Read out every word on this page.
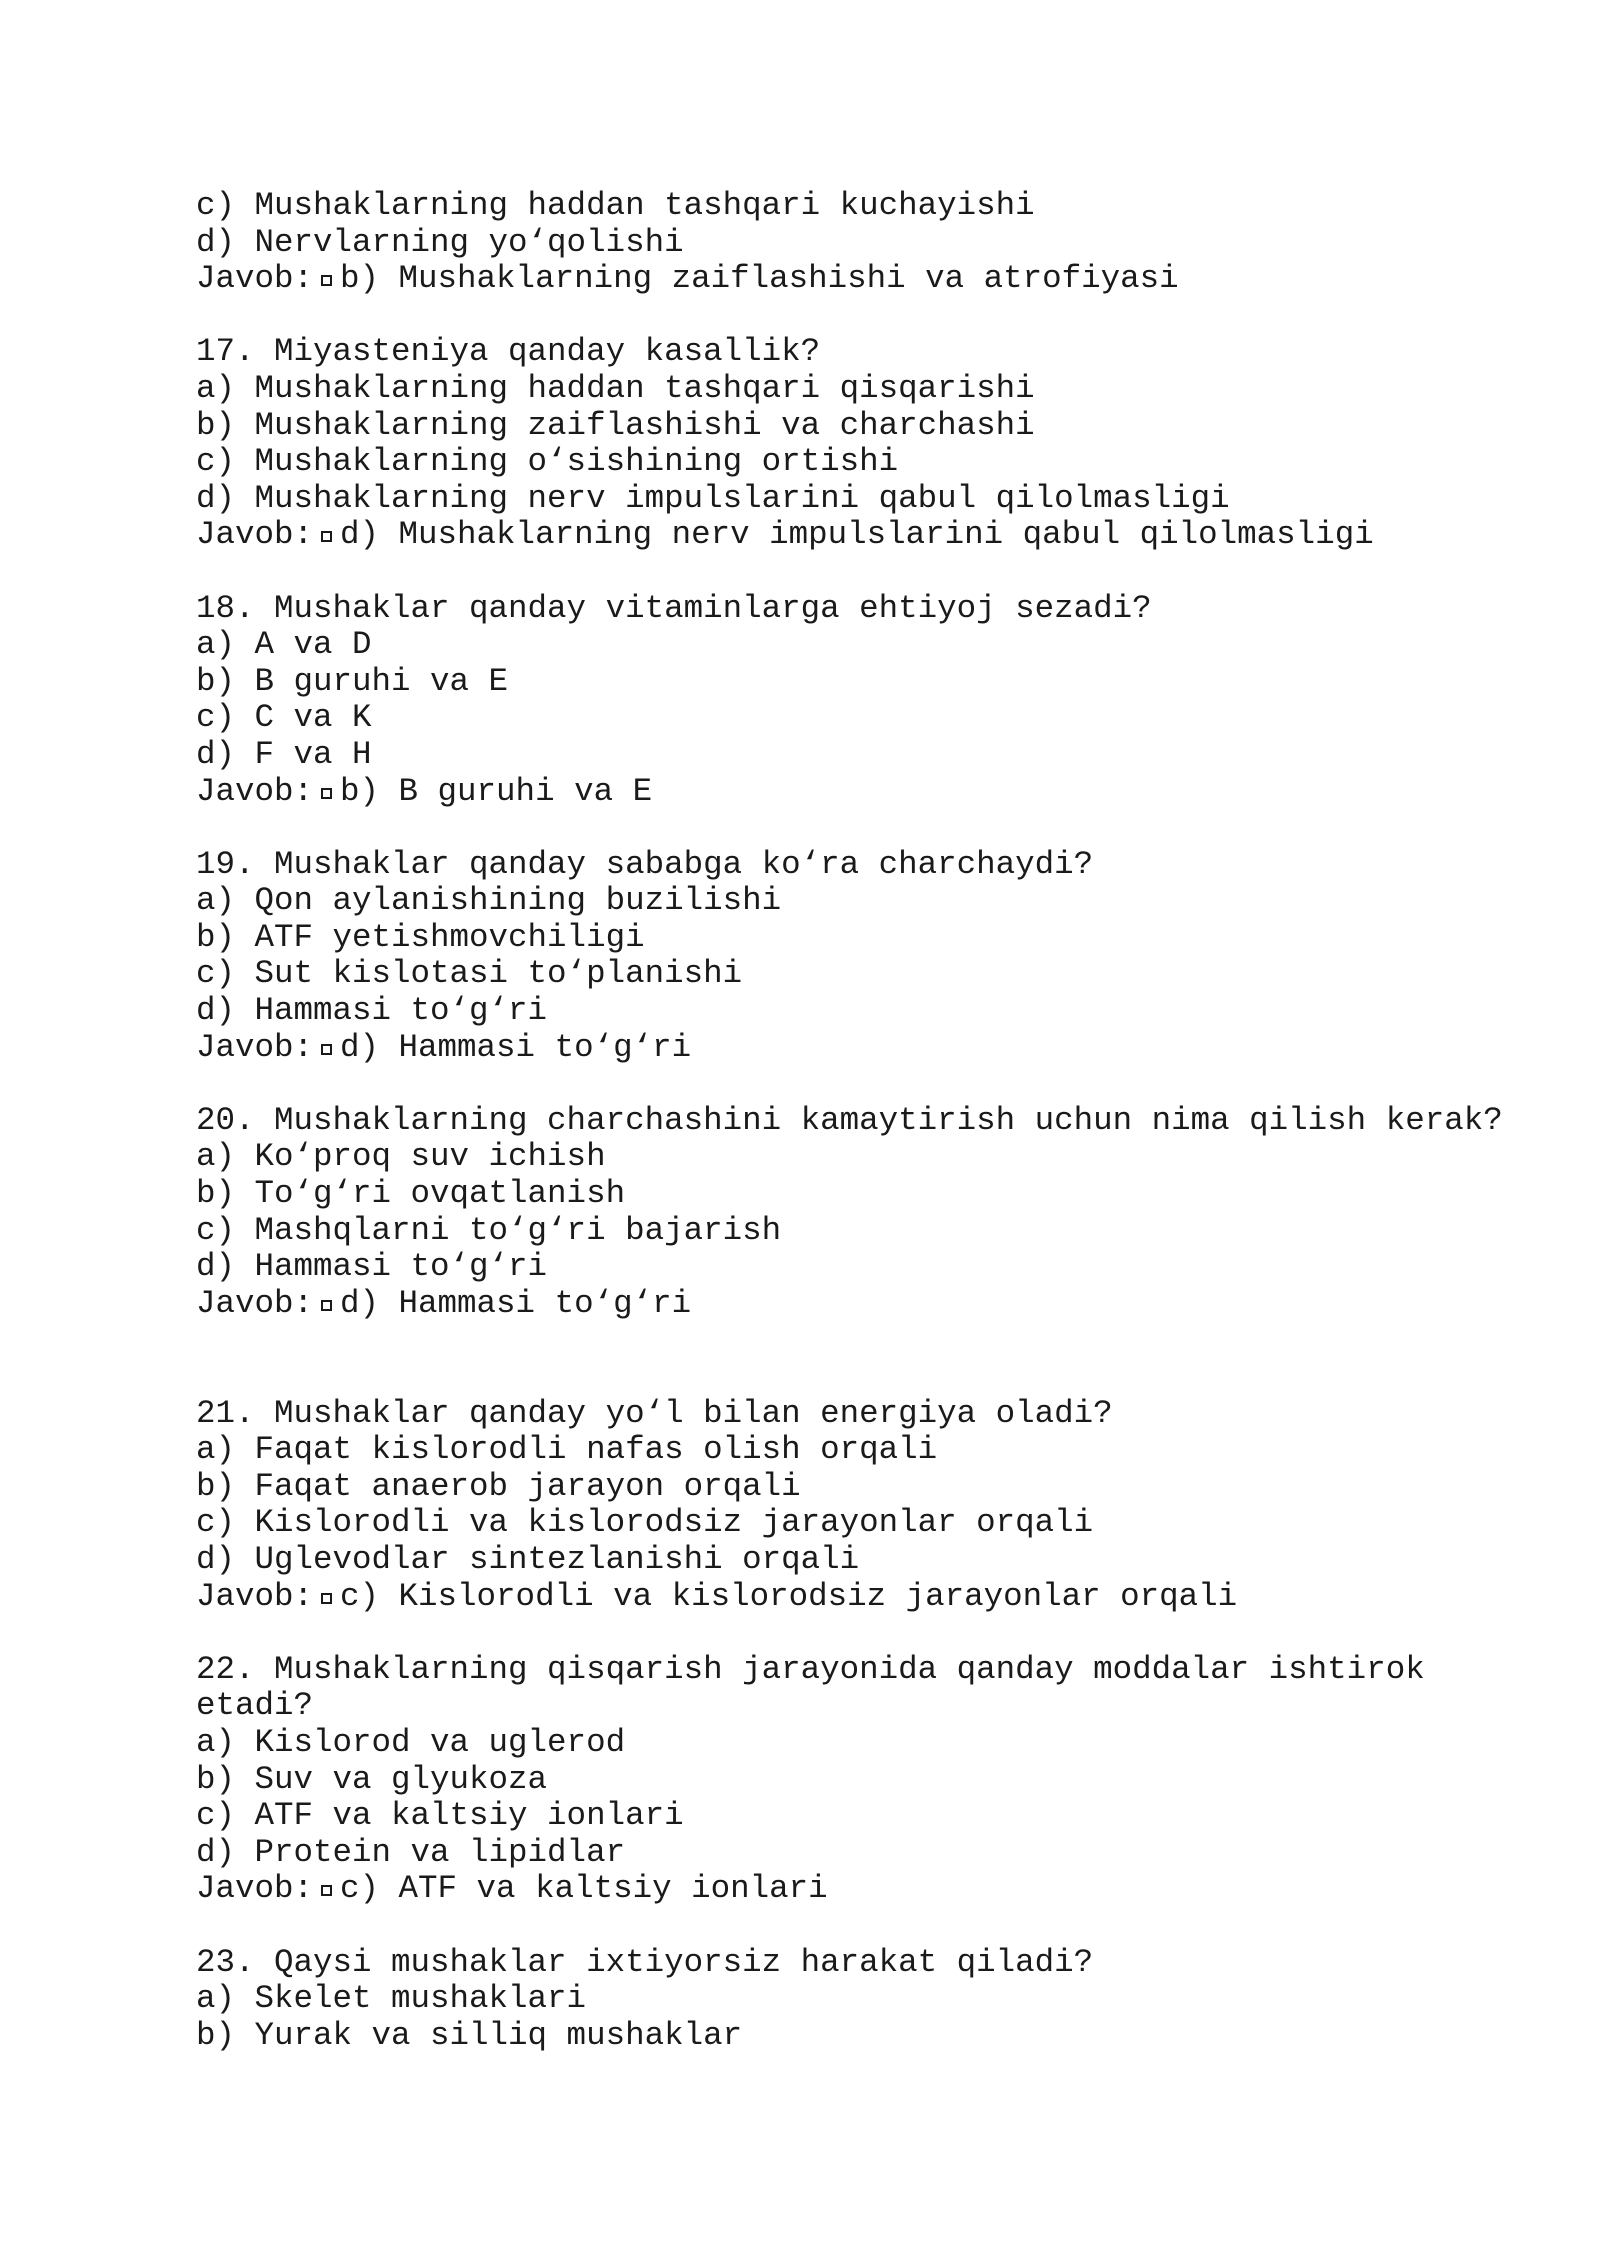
c) Mushaklarning haddan tashqari kuchayishi
d) Nervlarning yo‘qolishi
Javob: b) Mushaklarning zaiflashishi va atrofiyasi
17. Miyasteniya qanday kasallik?
a) Mushaklarning haddan tashqari qisqarishi
b) Mushaklarning zaiflashishi va charchashi
c) Mushaklarning o‘sishining ortishi
d) Mushaklarning nerv impulslarini qabul qilolmasligi
Javob: d) Mushaklarning nerv impulslarini qabul qilolmasligi
18. Mushaklar qanday vitaminlarga ehtiyoj sezadi?
a) A va D
b) B guruhi va E
c) C va K
d) F va H
Javob: b) B guruhi va E
19. Mushaklar qanday sababga ko‘ra charchaydi?
a) Qon aylanishining buzilishi
b) ATF yetishmovchiligi
c) Sut kislotasi to‘planishi
d) Hammasi to‘g‘ri
Javob: d) Hammasi to‘g‘ri
20. Mushaklarning charchashini kamaytirish uchun nima qilish kerak?
a) Ko‘proq suv ichish
b) To‘g‘ri ovqatlanish
c) Mashqlarni to‘g‘ri bajarish
d) Hammasi to‘g‘ri
Javob: d) Hammasi to‘g‘ri
21. Mushaklar qanday yo‘l bilan energiya oladi?
a) Faqat kislorodli nafas olish orqali
b) Faqat anaerob jarayon orqali
c) Kislorodli va kislorodsiz jarayonlar orqali
d) Uglevodlar sintezlanishi orqali
Javob: c) Kislorodli va kislorodsiz jarayonlar orqali
22. Mushaklarning qisqarish jarayonida qanday moddalar ishtirok
etadi?
a) Kislorod va uglerod
b) Suv va glyukoza
c) ATF va kaltsiy ionlari
d) Protein va lipidlar
Javob: c) ATF va kaltsiy ionlari
23. Qaysi mushaklar ixtiyorsiz harakat qiladi?
a) Skelet mushaklari
b) Yurak va silliq mushaklar
